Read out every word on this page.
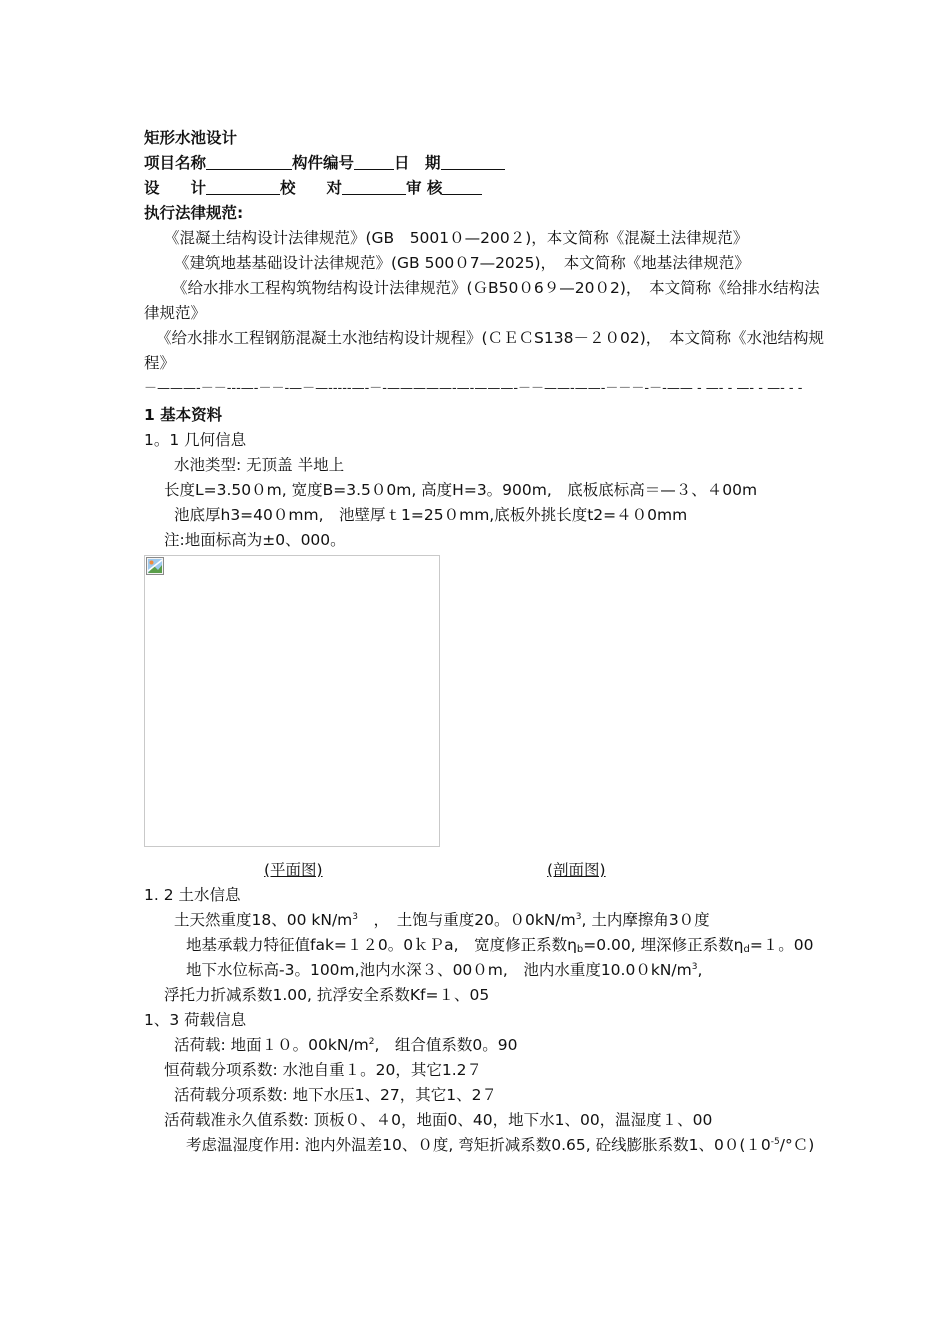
矩形水池设计
项目名称	构件编号	日　期
设　　计	校　　对	审 核
执行法律规范:
《混凝土结构设计法律规范》(GB　5001０—200２)，本文简称《混凝土法律规范》
《建筑地基基础设计法律规范》(GB 500０7—2025)，　本文简称《地基法律规范》
《给水排水工程构筑物结构设计法律规范》(ＧB50０6９—20０2)，　本文简称《给排水结构法律规范》
《给水排水工程钢筋混凝土水池结构设计规程》(ＣＥＣS138－２０02)，　本文简称《水池结构规程》
－———-－－---—-－－-—－—-----—-－-—————-—-———-－－——-——-－－－-－-—— - —- - —- - —- - -
1 基本资料
1。1 几何信息
水池类型: 无顶盖 半地上
长度L=3.50０m, 宽度B=3.5０0m, 高度H=3。900m,　底板底标高＝—３、４00m
池底厚h3=40０mm,　池壁厚ｔ1=25０mm,底板外挑长度t2=４０0mm
注:地面标高为±0、000。
(平面图)	(剖面图)
1. 2 土水信息
土天然重度18、00 $kN/m^3$　，　土饱与重度20。$00kN/m^3$, 土内摩擦角3０度
地基承载力特征值fak=１２0。0ｋＰa,　宽度修正系数$\eta_b=0.00$, 埋深修正系数$\eta_d=1$。00
地下水位标高-3。100m,池内水深３、00０m,　池内水重度$10.00kN/m^3$,
浮托力折减系数1.00, 抗浮安全系数Kf=１、05
1、3 荷载信息
活荷载: 地面１０。$00kN/m^2$,　组合值系数0。90
恒荷载分项系数: 水池自重１。20，其它1.2７
活荷载分项系数: 地下水压1、27，其它1、2７
活荷载准永久值系数: 顶板０、４0，地面0、40，地下水1、00，温湿度１、00
考虑温湿度作用: 池内外温差10、０度, 弯矩折减系数0.65, 砼线膨胀系数1、$00(10^{-5}/^\circ C)$
